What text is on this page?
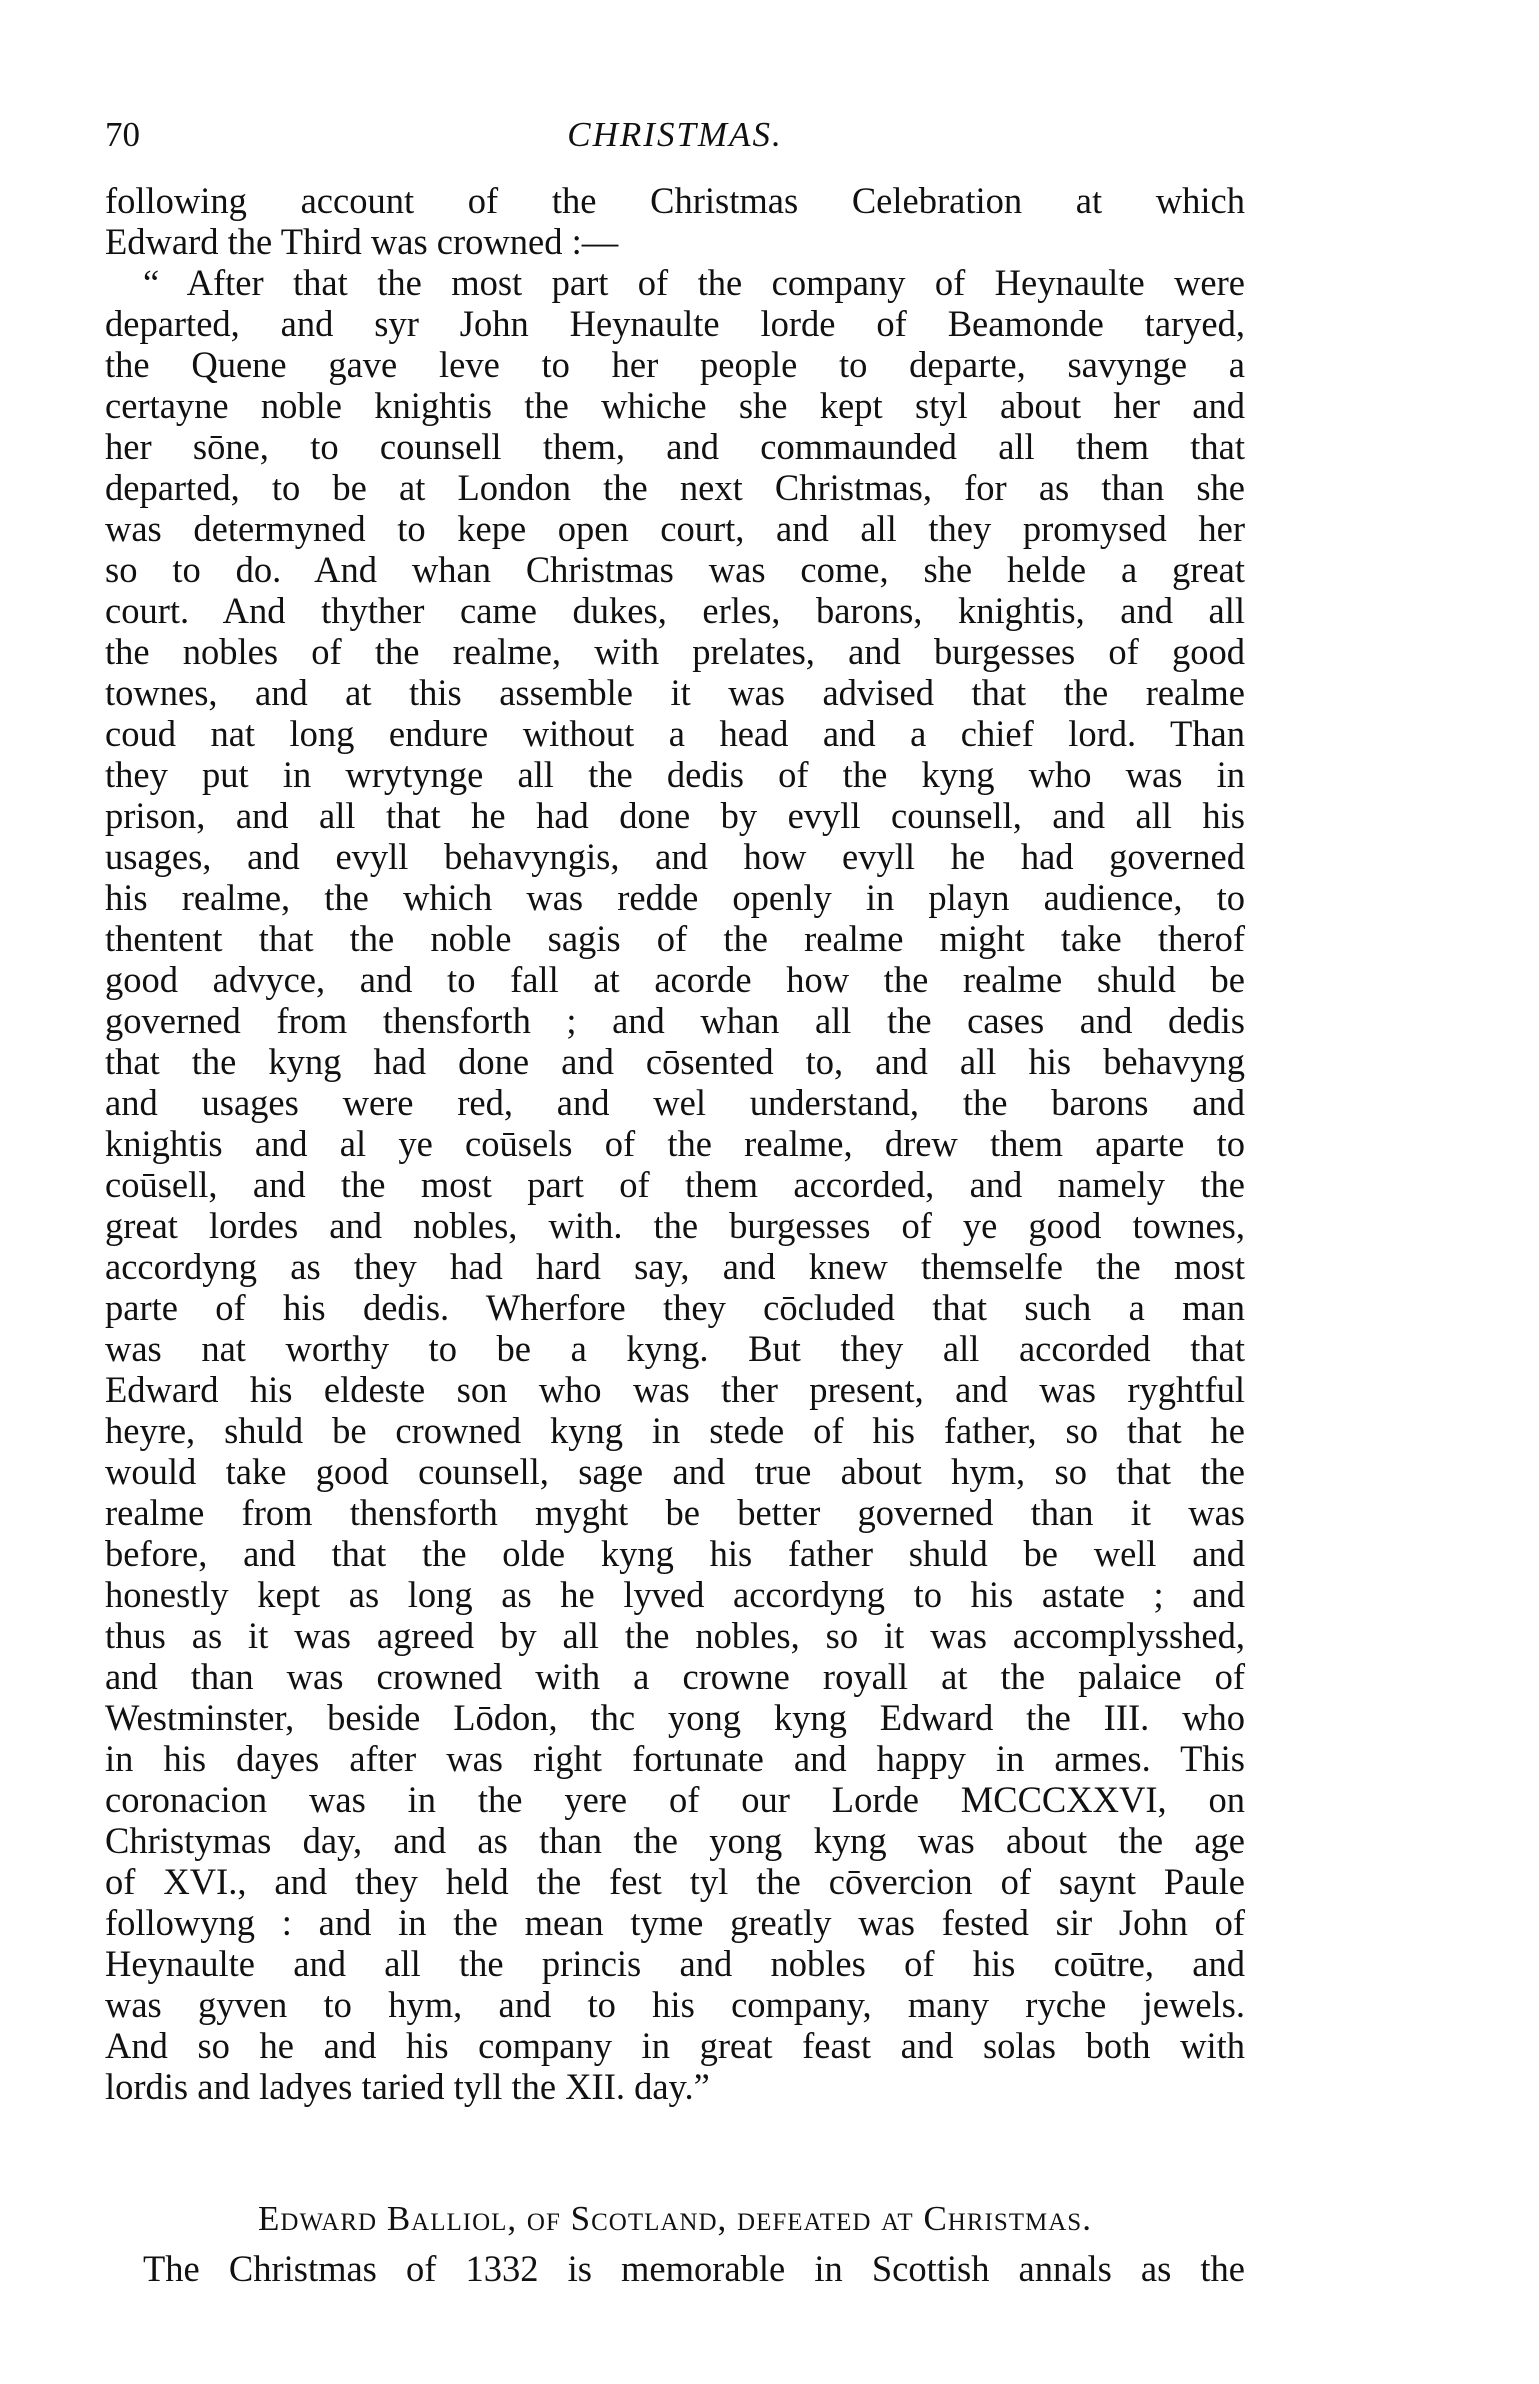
70	CHRISTMAS.
following account of the Christmas Celebration at which
Edward the Third was crowned :—
“ After that the most part of the company of Heynaulte were
departed, and syr John Heynaulte lorde of Beamonde taryed,
the Quene gave leve to her people to departe, savynge a
certayne noble knightis the whiche she kept styl about her and
her sōne, to counsell them, and commaunded all them that
departed, to be at London the next Christmas, for as than she
was determyned to kepe open court, and all they promysed her
so to do. And whan Christmas was come, she helde a great
court. And thyther came dukes, erles, barons, knightis, and all
the nobles of the realme, with prelates, and burgesses of good
townes, and at this assemble it was advised that the realme
coud nat long endure without a head and a chief lord. Than
they put in wrytynge all the dedis of the kyng who was in
prison, and all that he had done by evyll counsell, and all his
usages, and evyll behavyngis, and how evyll he had governed
his realme, the which was redde openly in playn audience, to
thentent that the noble sagis of the realme might take therof
good advyce, and to fall at acorde how the realme shuld be
governed from thensforth ; and whan all the cases and dedis
that the kyng had done and cōsented to, and all his behavyng
and usages were red, and wel understand, the barons and
knightis and al ye coūsels of the realme, drew them aparte to
coūsell, and the most part of them accorded, and namely the
great lordes and nobles, with. the burgesses of ye good townes,
accordyng as they had hard say, and knew themselfe the most
parte of his dedis. Wherfore they cōcluded that such a man
was nat worthy to be a kyng. But they all accorded that
Edward his eldeste son who was ther present, and was ryghtful
heyre, shuld be crowned kyng in stede of his father, so that he
would take good counsell, sage and true about hym, so that the
realme from thensforth myght be better governed than it was
before, and that the olde kyng his father shuld be well and
honestly kept as long as he lyved accordyng to his astate ; and
thus as it was agreed by all the nobles, so it was accomplysshed,
and than was crowned with a crowne royall at the palaice of
Westminster, beside Lōdon, thc yong kyng Edward the III. who
in his dayes after was right fortunate and happy in armes. This
coronacion was in the yere of our Lorde MCCCXXVI, on
Christymas day, and as than the yong kyng was about the age
of XVI., and they held the fest tyl the cōvercion of saynt Paule
followyng : and in the mean tyme greatly was fested sir John of
Heynaulte and all the princis and nobles of his coūtre, and
was gyven to hym, and to his company, many ryche jewels.
And so he and his company in great feast and solas both with
lordis and ladyes taried tyll the XII. day.”
Edward Balliol, of Scotland, defeated at Christmas.
The Christmas of 1332 is memorable in Scottish annals as the
